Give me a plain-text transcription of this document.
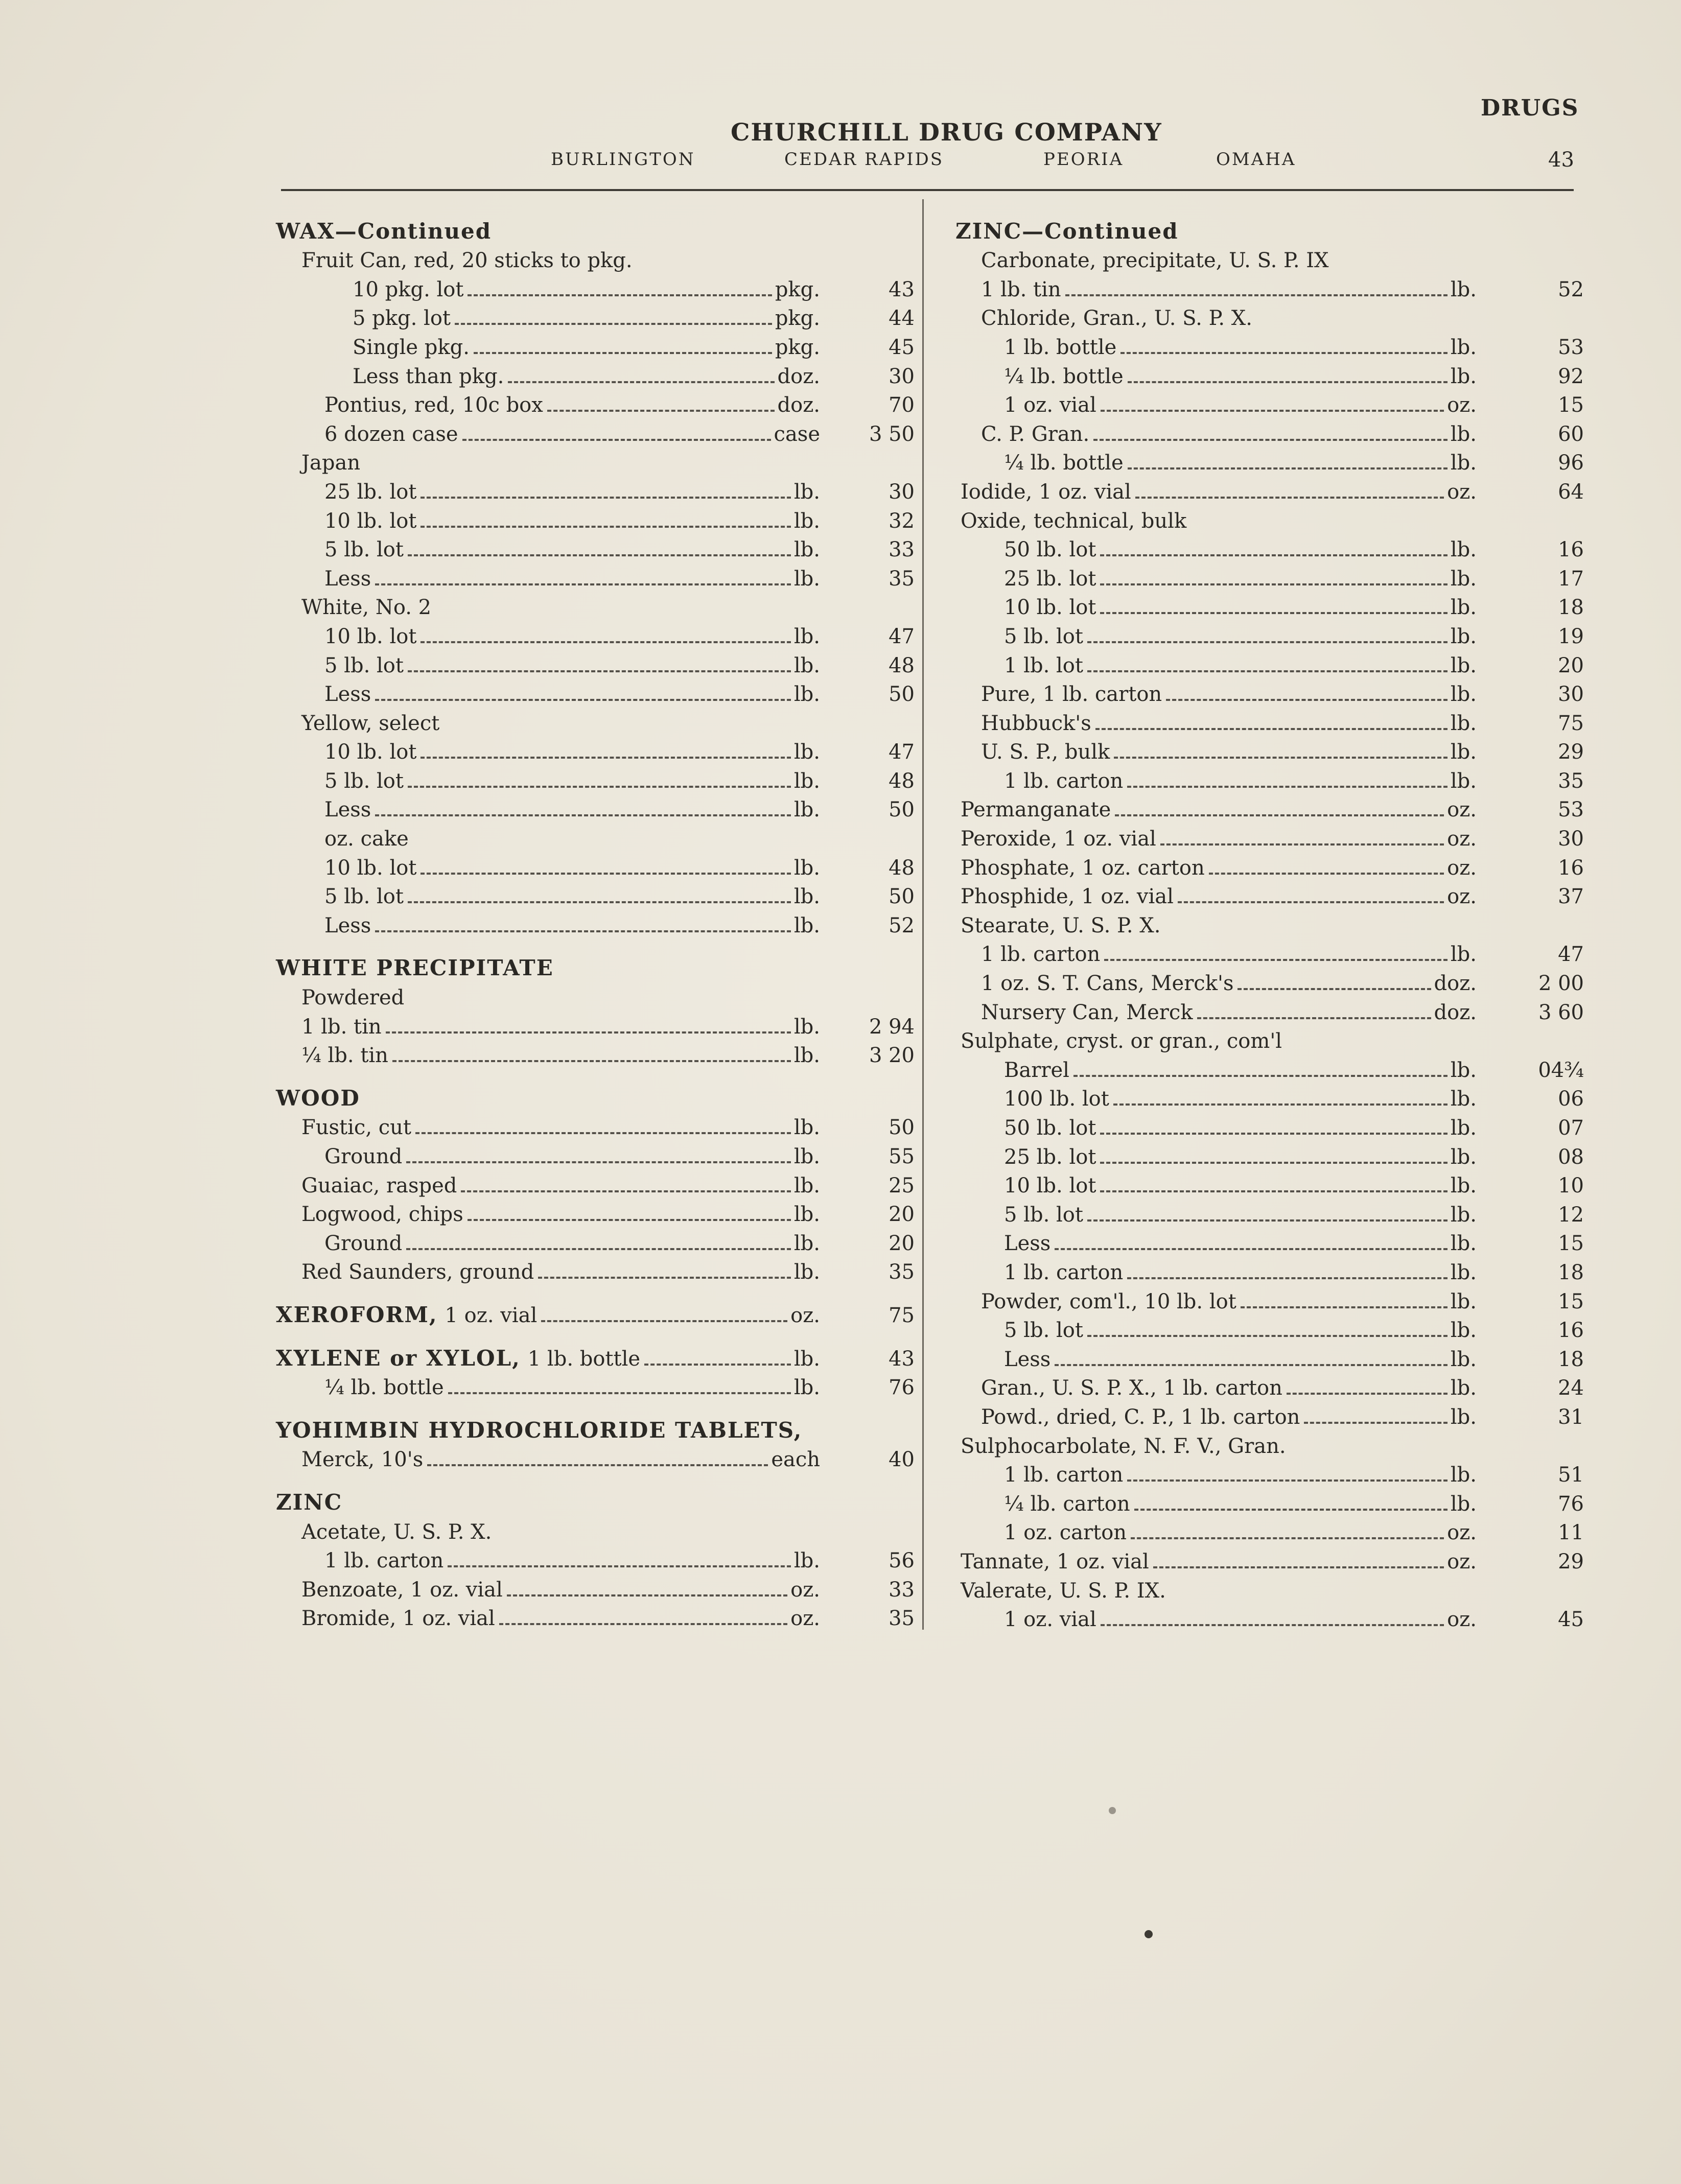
CHURCHILL DRUG COMPANY
DRUGS
43
BURLINGTON	CEDAR RAPIDS	PEORIA	OMAHA
WAX—Continued
Fruit Can, red, 20 sticks to pkg.
10 pkg. lot	pkg.	43
5 pkg. lot	pkg.	44
Single pkg.	pkg.	45
Less than pkg.	doz.	30
Pontius, red, 10c box	doz.	70
6 dozen case	case	3 50
Japan
25 lb. lot	lb.	30
10 lb. lot	lb.	32
5 lb. lot	lb.	33
Less	lb.	35
White, No. 2
10 lb. lot	lb.	47
5 lb. lot	lb.	48
Less	lb.	50
Yellow, select
10 lb. lot	lb.	47
5 lb. lot	lb.	48
Less	lb.	50
oz. cake
10 lb. lot	lb.	48
5 lb. lot	lb.	50
Less	lb.	52
WHITE PRECIPITATE
Powdered
1 lb. tin	lb.	2 94
¼ lb. tin	lb.	3 20
WOOD
Fustic, cut	lb.	50
Ground	lb.	55
Guaiac, rasped	lb.	25
Logwood, chips	lb.	20
Ground	lb.	20
Red Saunders, ground	lb.	35
XEROFORM, 1 oz. vial	oz.	75
XYLENE or XYLOL, 1 lb. bottle	lb.	43
¼ lb. bottle	lb.	76
YOHIMBIN HYDROCHLORIDE TABLETS,
Merck, 10's	each	40
ZINC
Acetate, U. S. P. X.
1 lb. carton	lb.	56
Benzoate, 1 oz. vial	oz.	33
Bromide, 1 oz. vial	oz.	35
ZINC—Continued
Carbonate, precipitate, U. S. P. IX
1 lb. tin	lb.	52
Chloride, Gran., U. S. P. X.
1 lb. bottle	lb.	53
¼ lb. bottle	lb.	92
1 oz. vial	oz.	15
C. P. Gran.	lb.	60
¼ lb. bottle	lb.	96
Iodide, 1 oz. vial	oz.	64
Oxide, technical, bulk
50 lb. lot	lb.	16
25 lb. lot	lb.	17
10 lb. lot	lb.	18
5 lb. lot	lb.	19
1 lb. lot	lb.	20
Pure, 1 lb. carton	lb.	30
Hubbuck's	lb.	75
U. S. P., bulk	lb.	29
1 lb. carton	lb.	35
Permanganate	oz.	53
Peroxide, 1 oz. vial	oz.	30
Phosphate, 1 oz. carton	oz.	16
Phosphide, 1 oz. vial	oz.	37
Stearate, U. S. P. X.
1 lb. carton	lb.	47
1 oz. S. T. Cans, Merck's	doz.	2 00
Nursery Can, Merck	doz.	3 60
Sulphate, cryst. or gran., com'l
Barrel	lb.	04¾
100 lb. lot	lb.	06
50 lb. lot	lb.	07
25 lb. lot	lb.	08
10 lb. lot	lb.	10
5 lb. lot	lb.	12
Less	lb.	15
1 lb. carton	lb.	18
Powder, com'l., 10 lb. lot	lb.	15
5 lb. lot	lb.	16
Less	lb.	18
Gran., U. S. P. X., 1 lb. carton	lb.	24
Powd., dried, C. P., 1 lb. carton	lb.	31
Sulphocarbolate, N. F. V., Gran.
1 lb. carton	lb.	51
¼ lb. carton	lb.	76
1 oz. carton	oz.	11
Tannate, 1 oz. vial	oz.	29
Valerate, U. S. P. IX.
1 oz. vial	oz.	45
